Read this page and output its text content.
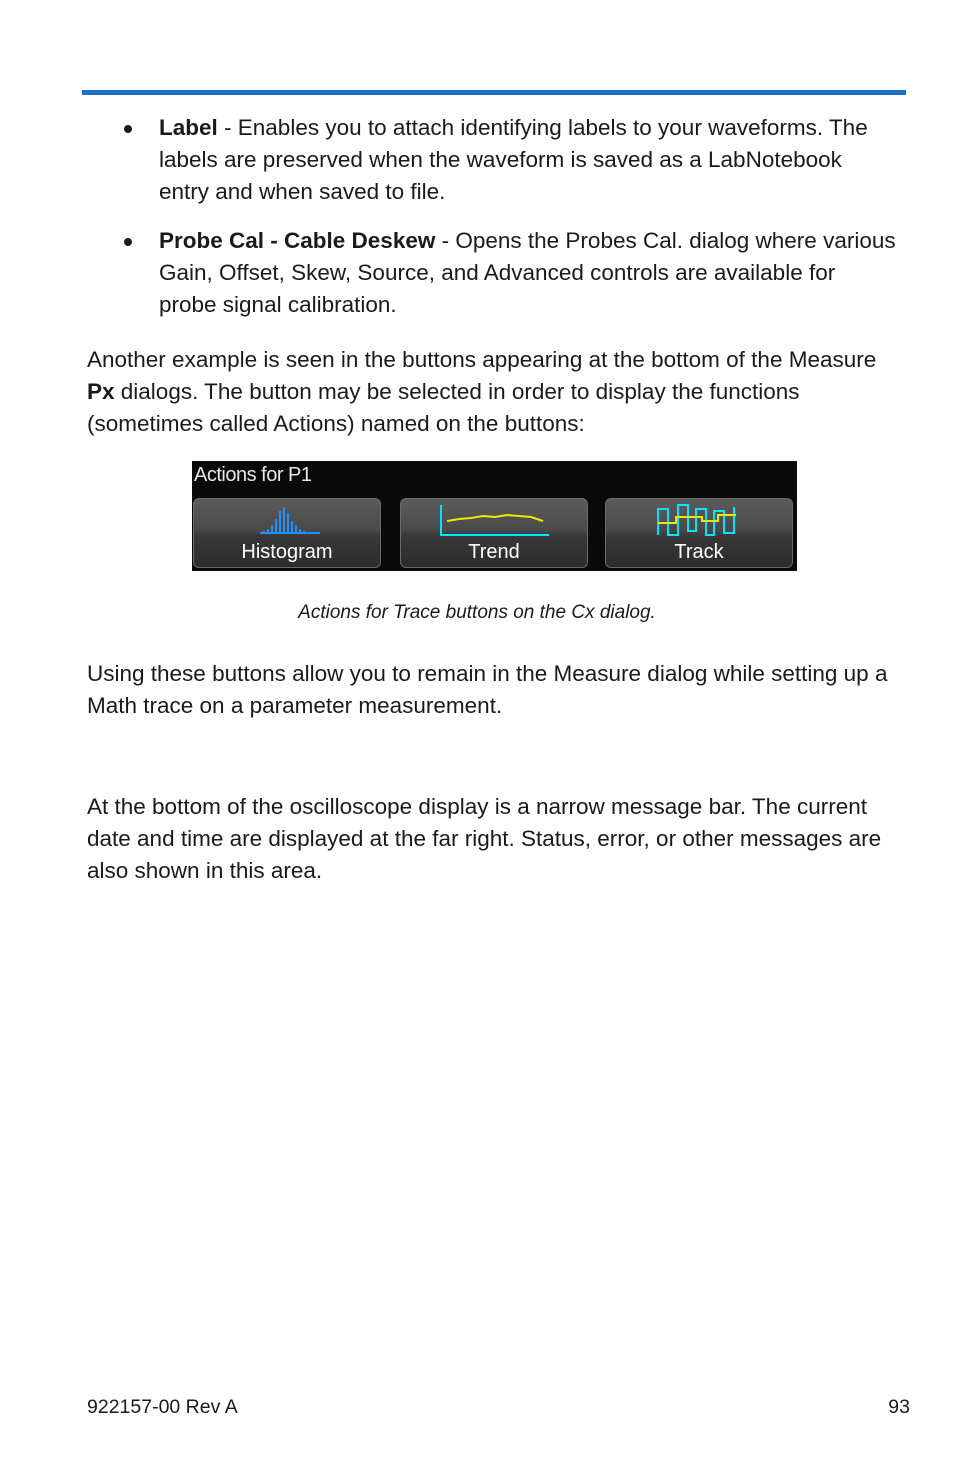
Label - Enables you to attach identifying labels to your waveforms. The labels are preserved when the waveform is saved as a LabNotebook entry and when saved to file.
Probe Cal - Cable Deskew - Opens the Probes Cal. dialog where various Gain, Offset, Skew, Source, and Advanced controls are available for probe signal calibration.

Another example is seen in the buttons appearing at the bottom of the Measure Px dialogs. The button may be selected in order to display the functions (sometimes called Actions) named on the buttons:

Actions for P1
Histogram	Trend	Track
Actions for Trace buttons on the Cx dialog.

Using these buttons allow you to remain in the Measure dialog while setting up a Math trace on a parameter measurement.

At the bottom of the oscilloscope display is a narrow message bar. The current date and time are displayed at the far right. Status, error, or other messages are also shown in this area.

922157-00 Rev A	93
